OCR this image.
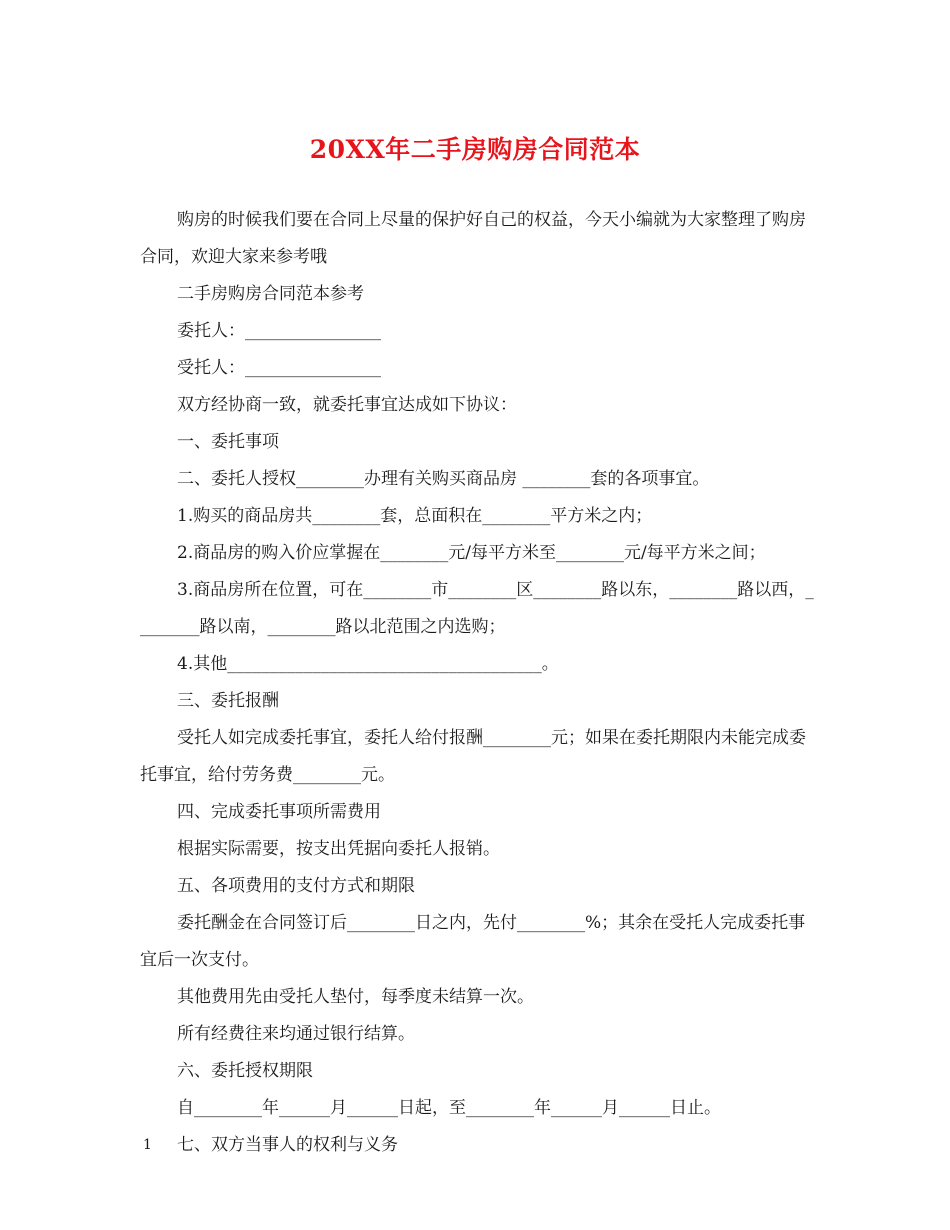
20XX年二手房购房合同范本

购房的时候我们要在合同上尽量的保护好自己的权益，今天小编就为大家整理了购房合同，欢迎大家来参考哦

二手房购房合同范本参考

委托人：________________

受托人：________________

双方经协商一致，就委托事宜达成如下协议：

一、委托事项

二、委托人授权________办理有关购买商品房 ________套的各项事宜。

1.购买的商品房共________套，总面积在________平方米之内；

2.商品房的购入价应掌握在________元/每平方米至________元/每平方米之间；

3.商品房所在位置，可在________市________区________路以东，________路以西，________路以南，________路以北范围之内选购；

4.其他_____________________________________。

三、委托报酬

受托人如完成委托事宜，委托人给付报酬________元；如果在委托期限内未能完成委托事宜，给付劳务费________元。

四、完成委托事项所需费用

根据实际需要，按支出凭据向委托人报销。

五、各项费用的支付方式和期限

委托酬金在合同签订后________日之内，先付________%；其余在受托人完成委托事宜后一次支付。

其他费用先由受托人垫付，每季度未结算一次。

所有经费往来均通过银行结算。

六、委托授权期限

自________年______月______日起，至________年______月______日止。

七、双方当事人的权利与义务

1
